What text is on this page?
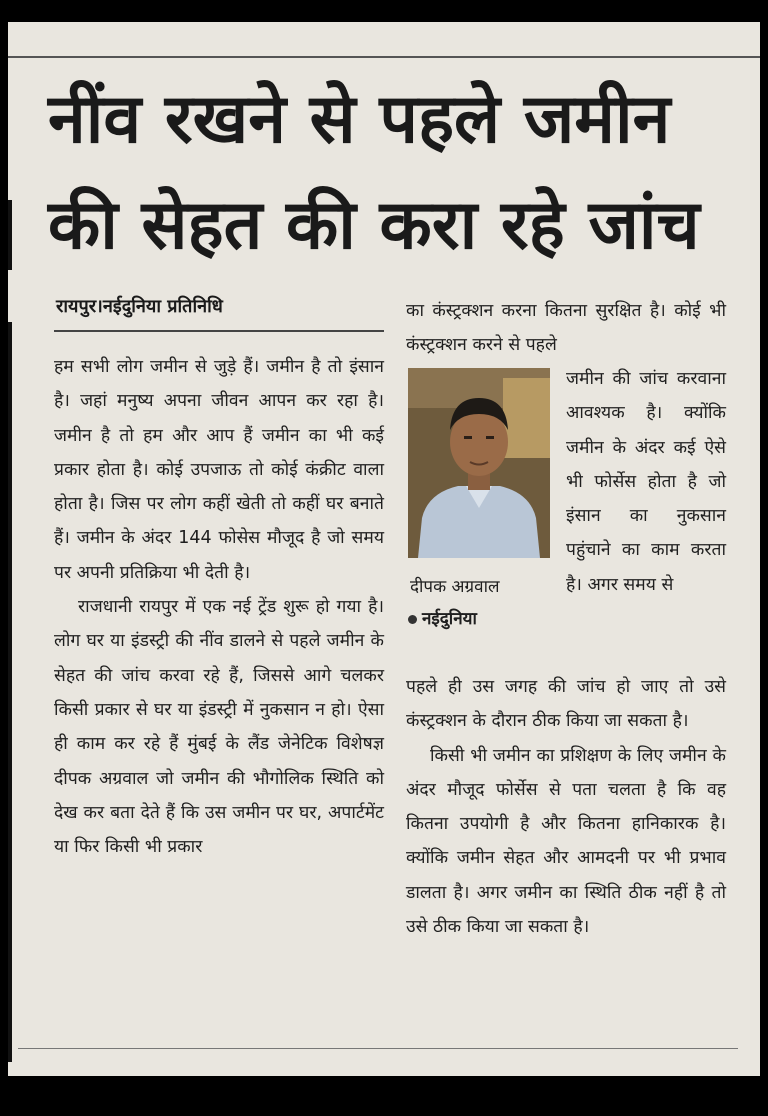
नींव रखने से पहले जमीन
की सेहत की करा रहे जांच
रायपुर।नईदुनिया प्रतिनिधि

हम सभी लोग जमीन से जुड़े हैं। जमीन है तो इंसान है। जहां मनुष्य अपना जीवन आपन कर रहा है। जमीन है तो हम और आप हैं जमीन का भी कई प्रकार होता है। कोई उपजाऊ तो कोई कंक्रीट वाला होता है। जिस पर लोग कहीं खेती तो कहीं घर बनाते हैं। जमीन के अंदर 144 फोसेस मौजूद है जो समय पर अपनी प्रतिक्रिया भी देती है।

राजधानी रायपुर में एक नई ट्रेंड शुरू हो गया है। लोग घर या इंडस्ट्री की नींव डालने से पहले जमीन के सेहत की जांच करवा रहे हैं, जिससे आगे चलकर किसी प्रकार से घर या इंडस्ट्री में नुकसान न हो। ऐसा ही काम कर रहे हैं मुंबई के लैंड जेनेटिक विशेषज्ञ दीपक अग्रवाल जो जमीन की भौगोलिक स्थिति को देख कर बता देते हैं कि उस जमीन पर घर, अपार्टमेंट या फिर किसी भी प्रकार

का कंस्ट्रक्शन करना कितना सुरक्षित है। कोई भी कंस्ट्रक्शन करने से पहले
दीपक अग्रवाल
नईदुनिया
जमीन की जांच करवाना आवश्यक है। क्योंकि जमीन के अंदर कई ऐसे भी फोर्सेस होता है जो इंसान का नुकसान पहुंचाने का काम करता है। अगर समय से

पहले ही उस जगह की जांच हो जाए तो उसे कंस्ट्रक्शन के दौरान ठीक किया जा सकता है।

किसी भी जमीन का प्रशिक्षण के लिए जमीन के अंदर मौजूद फोर्सेस से पता चलता है कि वह कितना उपयोगी है और कितना हानिकारक है। क्योंकि जमीन सेहत और आमदनी पर भी प्रभाव डालता है। अगर जमीन का स्थिति ठीक नहीं है तो उसे ठीक किया जा सकता है।
